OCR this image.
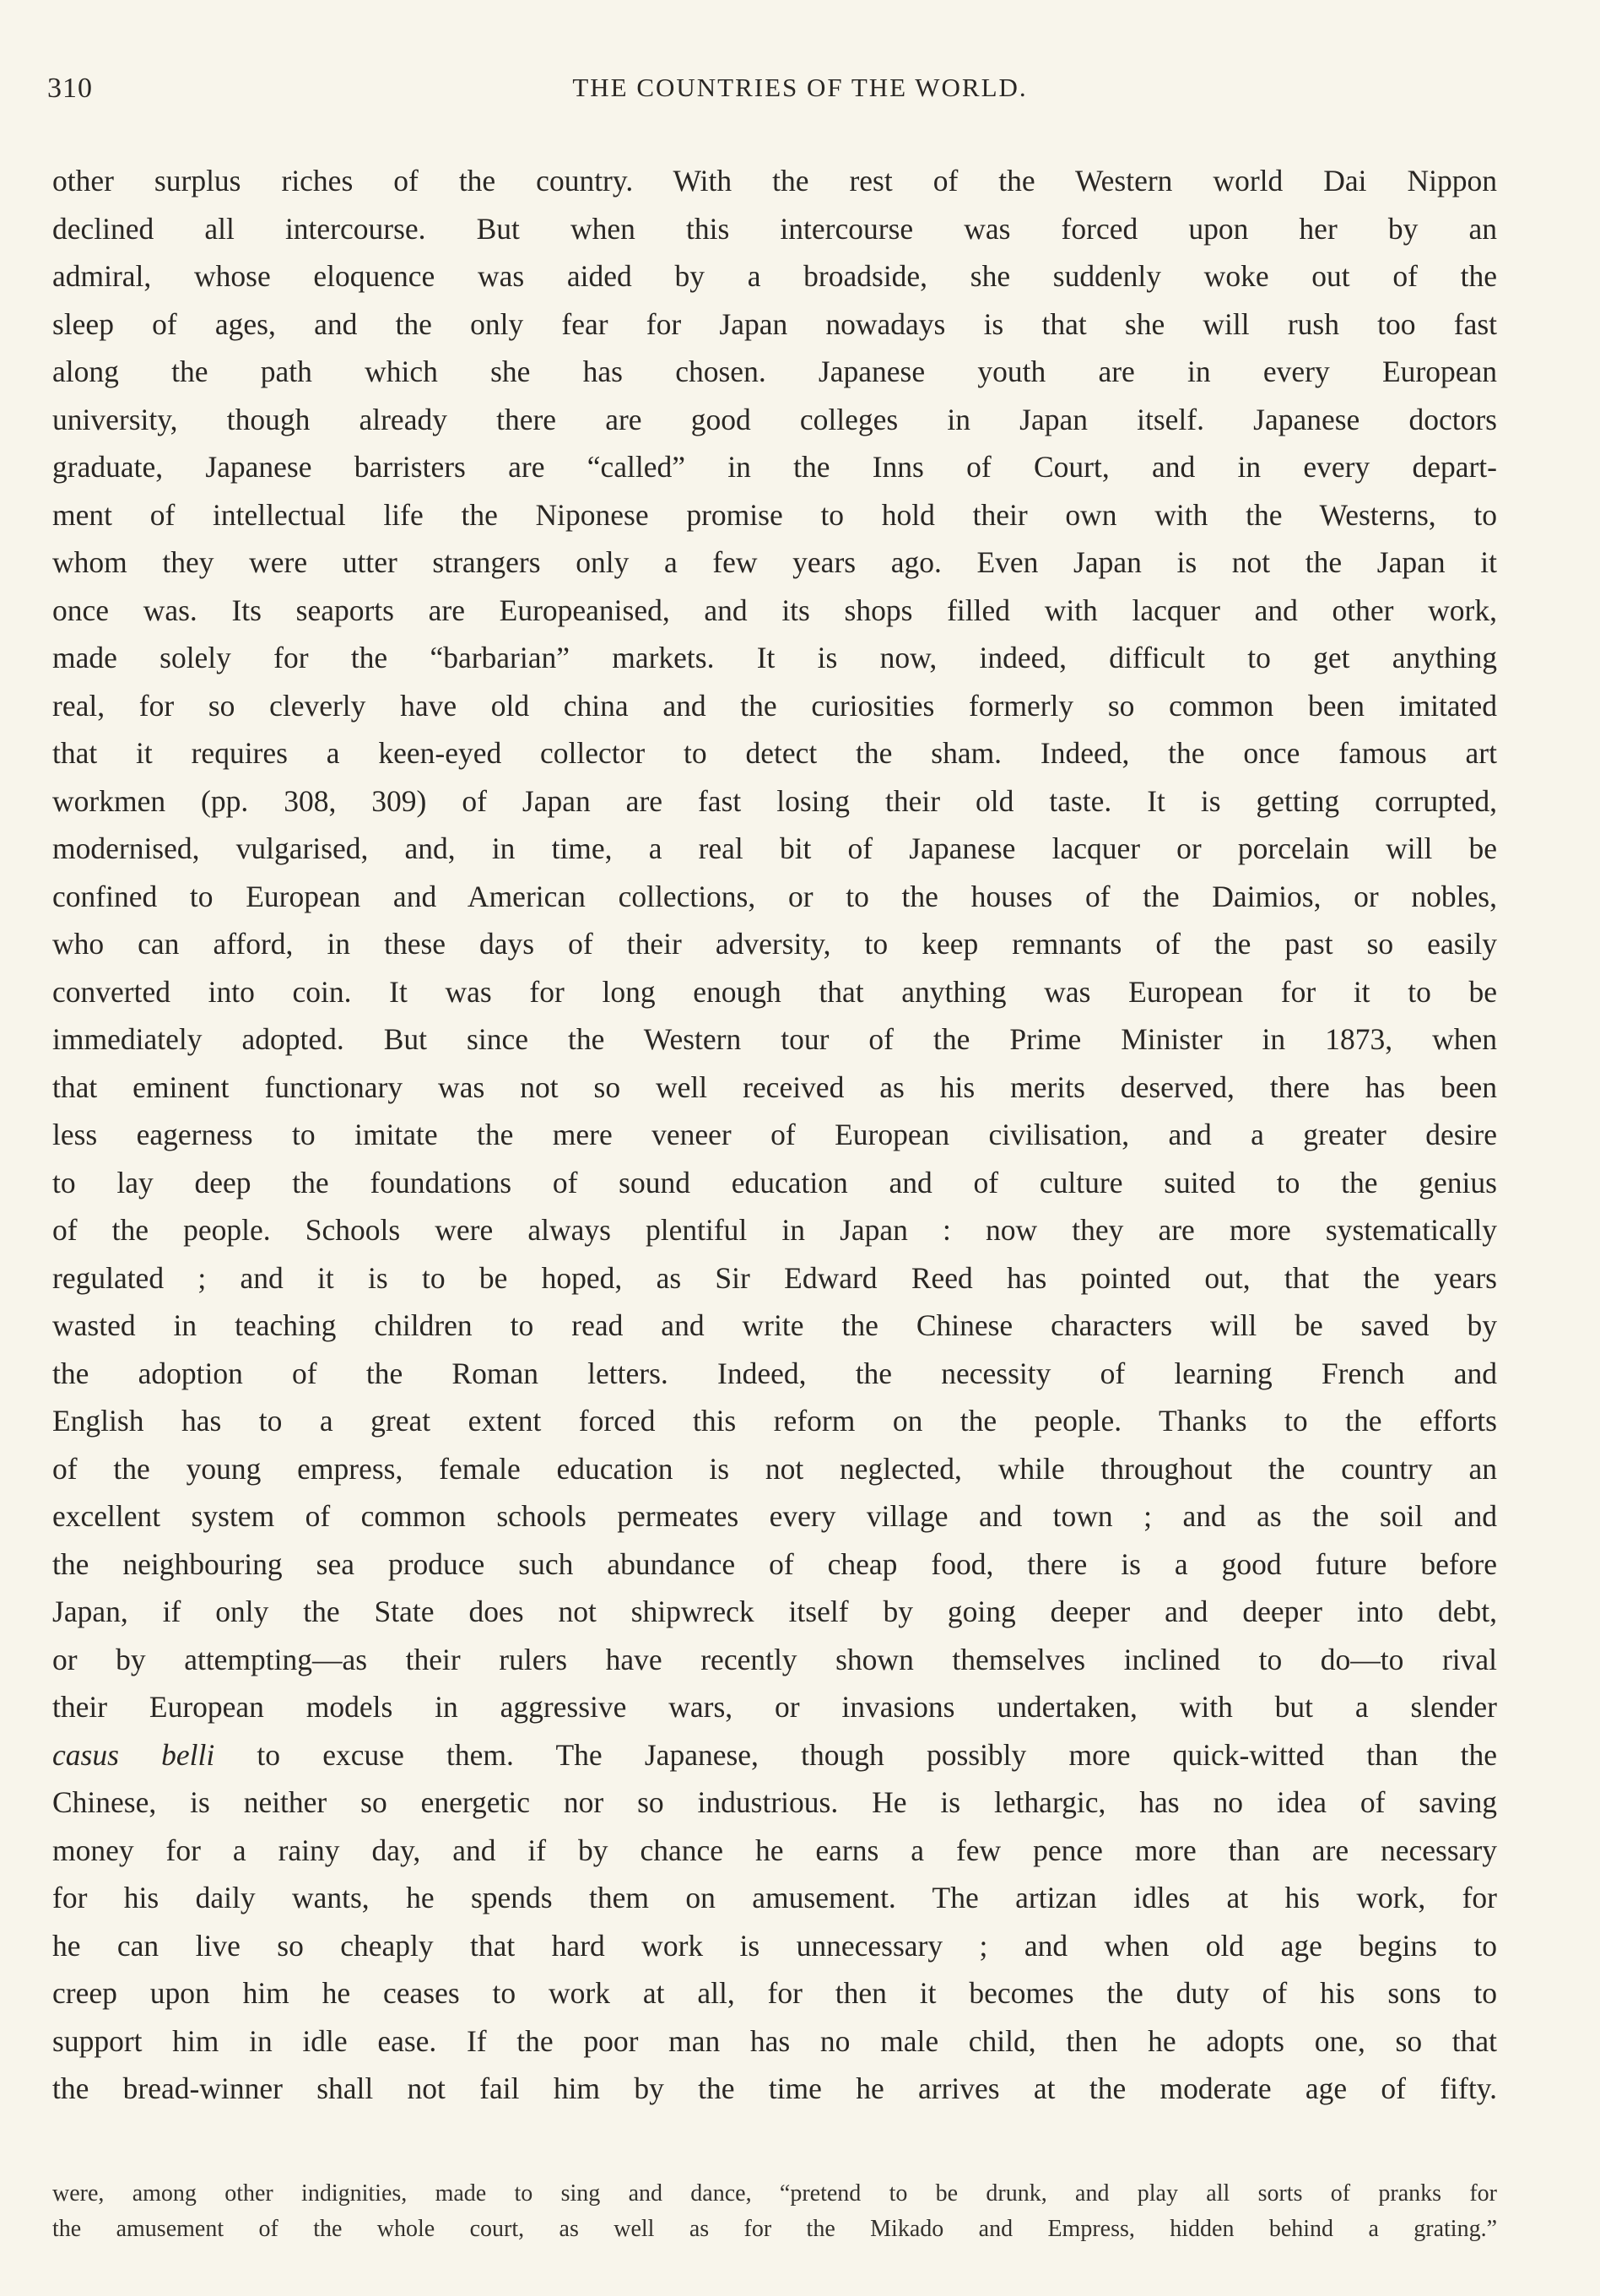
310	THE COUNTRIES OF THE WORLD.
other surplus riches of the country. With the rest of the Western world Dai Nippon
declined all intercourse. But when this intercourse was forced upon her by an
admiral, whose eloquence was aided by a broadside, she suddenly woke out of the
sleep of ages, and the only fear for Japan nowadays is that she will rush too fast
along the path which she has chosen. Japanese youth are in every European
university, though already there are good colleges in Japan itself. Japanese doctors
graduate, Japanese barristers are “called” in the Inns of Court, and in every depart-
ment of intellectual life the Niponese promise to hold their own with the Westerns, to
whom they were utter strangers only a few years ago. Even Japan is not the Japan it
once was. Its seaports are Europeanised, and its shops filled with lacquer and other work,
made solely for the “barbarian” markets. It is now, indeed, difficult to get anything
real, for so cleverly have old china and the curiosities formerly so common been imitated
that it requires a keen-eyed collector to detect the sham. Indeed, the once famous art
workmen (pp. 308, 309) of Japan are fast losing their old taste. It is getting corrupted,
modernised, vulgarised, and, in time, a real bit of Japanese lacquer or porcelain will be
confined to European and American collections, or to the houses of the Daimios, or nobles,
who can afford, in these days of their adversity, to keep remnants of the past so easily
converted into coin. It was for long enough that anything was European for it to be
immediately adopted. But since the Western tour of the Prime Minister in 1873, when
that eminent functionary was not so well received as his merits deserved, there has been
less eagerness to imitate the mere veneer of European civilisation, and a greater desire
to lay deep the foundations of sound education and of culture suited to the genius
of the people. Schools were always plentiful in Japan : now they are more systematically
regulated ; and it is to be hoped, as Sir Edward Reed has pointed out, that the years
wasted in teaching children to read and write the Chinese characters will be saved by
the adoption of the Roman letters. Indeed, the necessity of learning French and
English has to a great extent forced this reform on the people. Thanks to the efforts
of the young empress, female education is not neglected, while throughout the country an
excellent system of common schools permeates every village and town ; and as the soil and
the neighbouring sea produce such abundance of cheap food, there is a good future before
Japan, if only the State does not shipwreck itself by going deeper and deeper into debt,
or by attempting—as their rulers have recently shown themselves inclined to do—to rival
their European models in aggressive wars, or invasions undertaken, with but a slender
casus belli to excuse them. The Japanese, though possibly more quick-witted than the
Chinese, is neither so energetic nor so industrious. He is lethargic, has no idea of saving
money for a rainy day, and if by chance he earns a few pence more than are necessary
for his daily wants, he spends them on amusement. The artizan idles at his work, for
he can live so cheaply that hard work is unnecessary ; and when old age begins to
creep upon him he ceases to work at all, for then it becomes the duty of his sons to
support him in idle ease. If the poor man has no male child, then he adopts one, so that
the bread-winner shall not fail him by the time he arrives at the moderate age of fifty.
were, among other indignities, made to sing and dance, “pretend to be drunk, and play all sorts of pranks for
the amusement of the whole court, as well as for the Mikado and Empress, hidden behind a grating.”
